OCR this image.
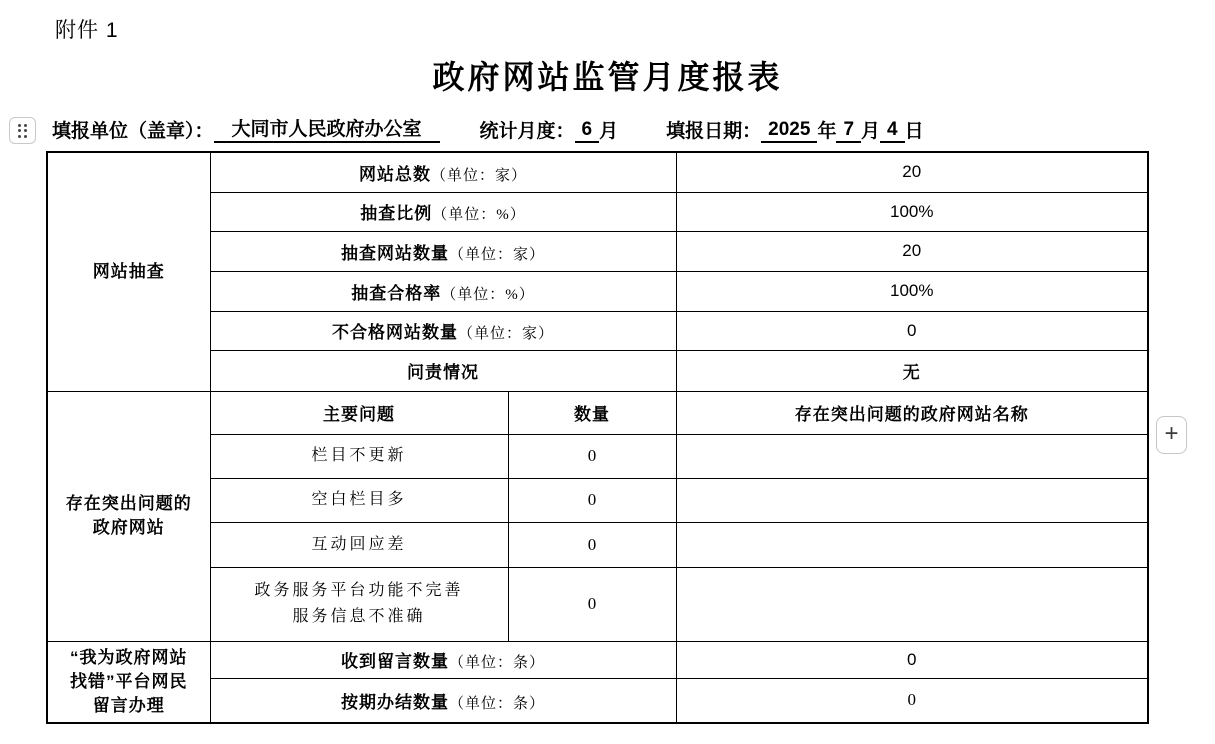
附件 1
政府网站监管月度报表
填报单位（盖章）： 大同市人民政府办公室	统计月度： 6 月	填报日期： 2025 年 7 月 4 日
+
网站抽查	网站总数（单位：家）		20
	抽查比例（单位：%）		100%
	抽查网站数量（单位：家）		20
	抽查合格率（单位：%）		100%
	不合格网站数量（单位：家）		0
	问责情况		无

存在突出问题的
政府网站	主要问题	数量	存在突出问题的政府网站名称
	栏目不更新	0	
	空白栏目多	0	
	互动回应差	0	

	政务服务平台功能不完善
服务信息不准确	0	

“我为政府网站
找错”平台网民
留言办理	收到留言数量（单位：条）		0
	按期办结数量（单位：条）		0
